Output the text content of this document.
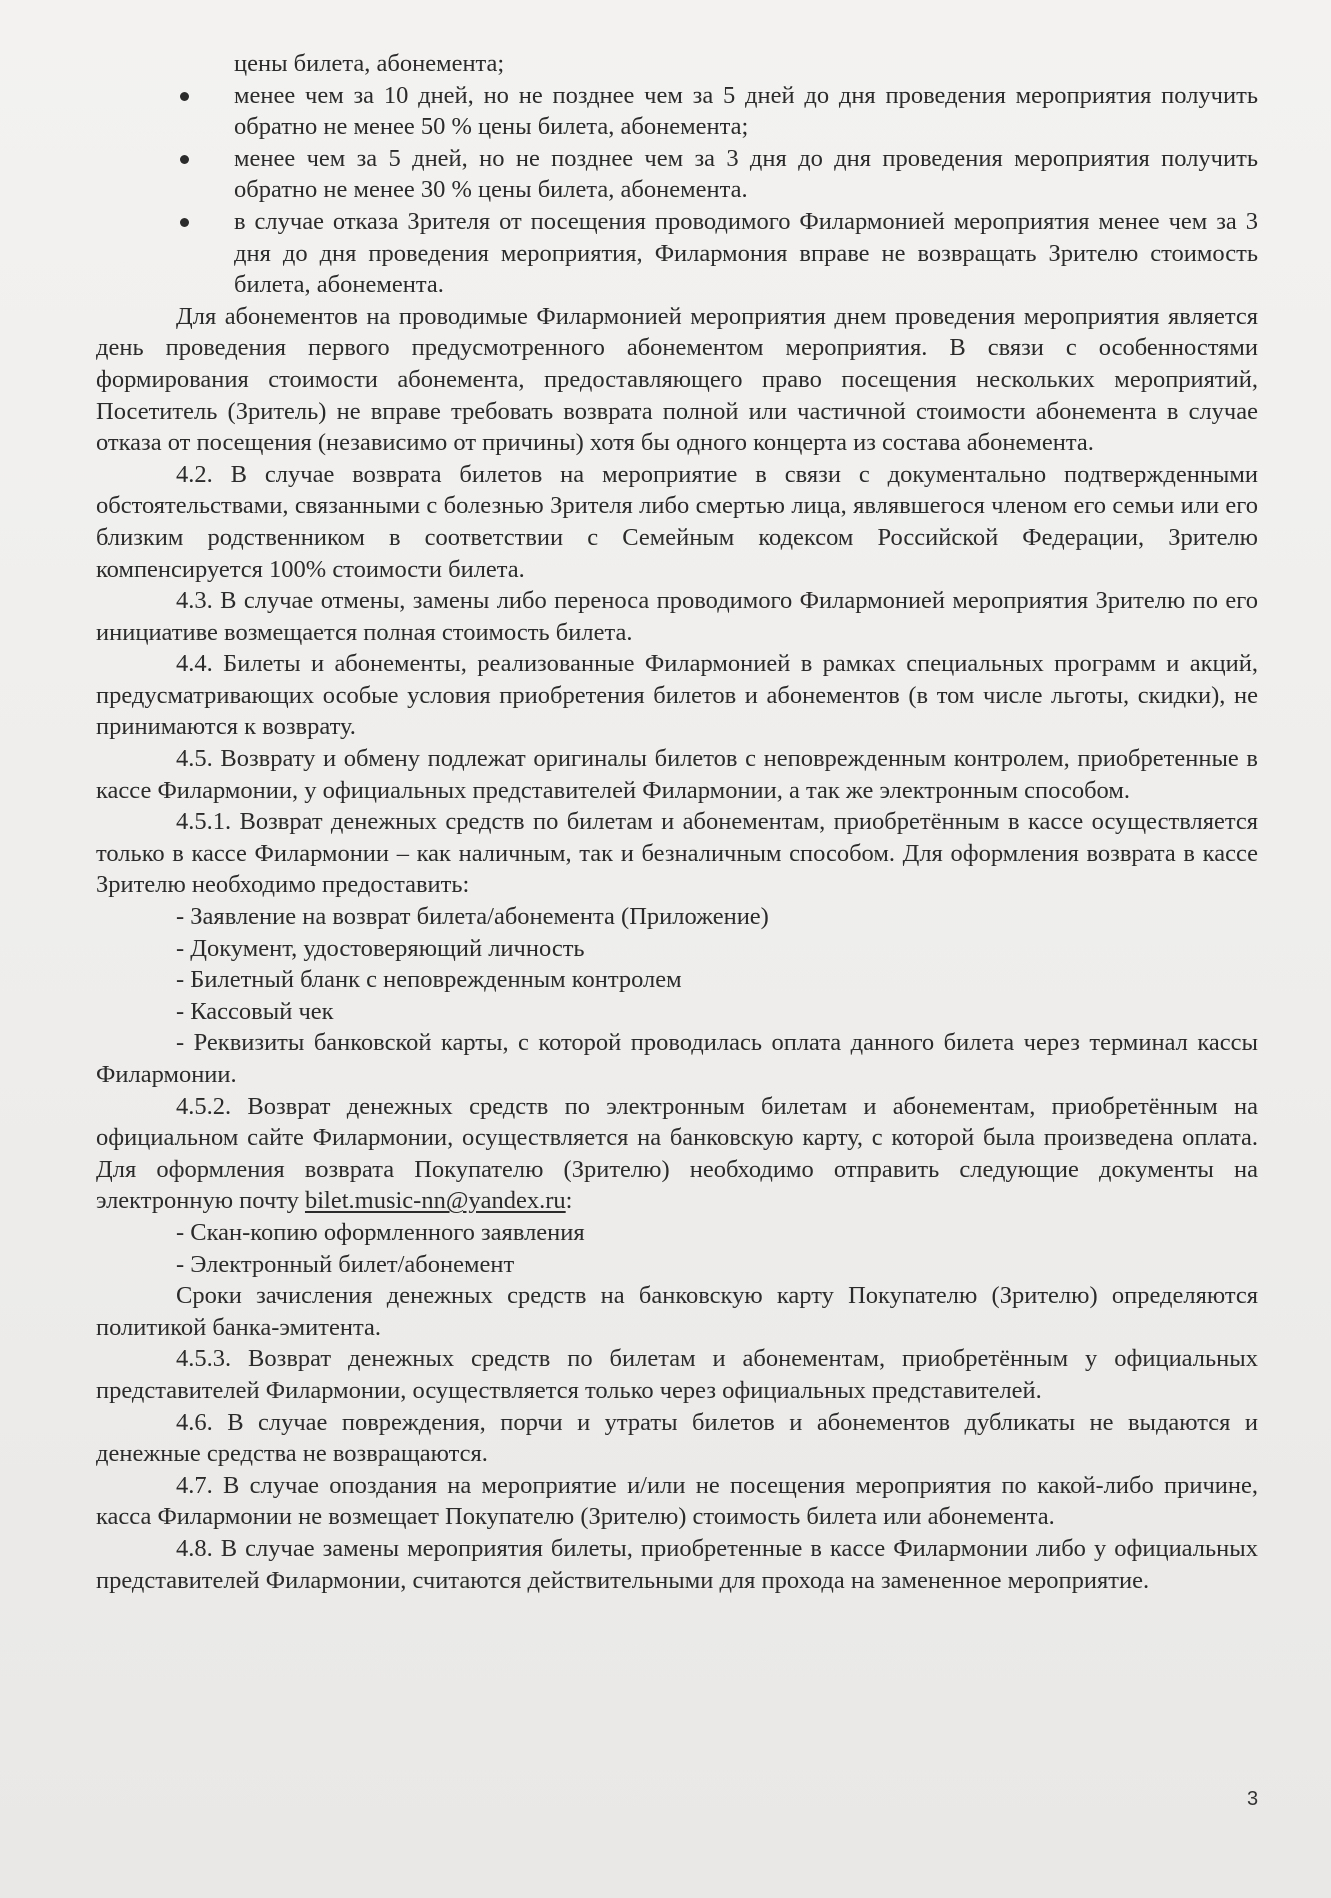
цены билета, абонемента;

менее чем за 10 дней, но не позднее чем за 5 дней до дня проведения мероприятия получить обратно не менее 50 % цены билета, абонемента;
менее чем за 5 дней, но не позднее чем за 3 дня до дня проведения мероприятия получить обратно не менее 30 % цены билета, абонемента.
в случае отказа Зрителя от посещения проводимого Филармонией мероприятия менее чем за 3 дня до дня проведения мероприятия, Филармония вправе не возвращать Зрителю стоимость билета, абонемента.

Для абонементов на проводимые Филармонией мероприятия днем проведения мероприятия является день проведения первого предусмотренного абонементом мероприятия. В связи с особенностями формирования стоимости абонемента, предоставляющего право посещения нескольких мероприятий, Посетитель (Зритель) не вправе требовать возврата полной или частичной стоимости абонемента в случае отказа от посещения (независимо от причины) хотя бы одного концерта из состава абонемента.

4.2. В случае возврата билетов на мероприятие в связи с документально подтвержденными обстоятельствами, связанными с болезнью Зрителя либо смертью лица, являвшегося членом его семьи или его близким родственником в соответствии с Семейным кодексом Российской Федерации, Зрителю компенсируется 100% стоимости билета.

4.3. В случае отмены, замены либо переноса проводимого Филармонией мероприятия Зрителю по его инициативе возмещается полная стоимость билета.

4.4. Билеты и абонементы, реализованные Филармонией в рамках специальных программ и акций, предусматривающих особые условия приобретения билетов и абонементов (в том числе льготы, скидки), не принимаются к возврату.

4.5. Возврату и обмену подлежат оригиналы билетов с неповрежденным контролем, приобретенные в кассе Филармонии, у официальных представителей Филармонии, а так же электронным способом.

4.5.1. Возврат денежных средств по билетам и абонементам, приобретённым в кассе осуществляется только в кассе Филармонии – как наличным, так и безналичным способом. Для оформления возврата в кассе Зрителю необходимо предоставить:

- Заявление на возврат билета/абонемента (Приложение)

- Документ, удостоверяющий личность

- Билетный бланк с неповрежденным контролем

- Кассовый чек

- Реквизиты банковской карты, с которой проводилась оплата данного билета через терминал кассы Филармонии.

4.5.2. Возврат денежных средств по электронным билетам и абонементам, приобретённым на официальном сайте Филармонии, осуществляется на банковскую карту, с которой была произведена оплата. Для оформления возврата Покупателю (Зрителю) необходимо отправить следующие документы на электронную почту bilet.music-nn@yandex.ru:

- Скан-копию оформленного заявления

- Электронный билет/абонемент

Сроки зачисления денежных средств на банковскую карту Покупателю (Зрителю) определяются политикой банка-эмитента.

4.5.3. Возврат денежных средств по билетам и абонементам, приобретённым у официальных представителей Филармонии, осуществляется только через официальных представителей.

4.6. В случае повреждения, порчи и утраты билетов и абонементов дубликаты не выдаются и денежные средства не возвращаются.

4.7. В случае опоздания на мероприятие и/или не посещения мероприятия по какой-либо причине, касса Филармонии не возмещает Покупателю (Зрителю) стоимость билета или абонемента.

4.8. В случае замены мероприятия билеты, приобретенные в кассе Филармонии либо у официальных представителей Филармонии, считаются действительными для прохода на замененное мероприятие.

3
